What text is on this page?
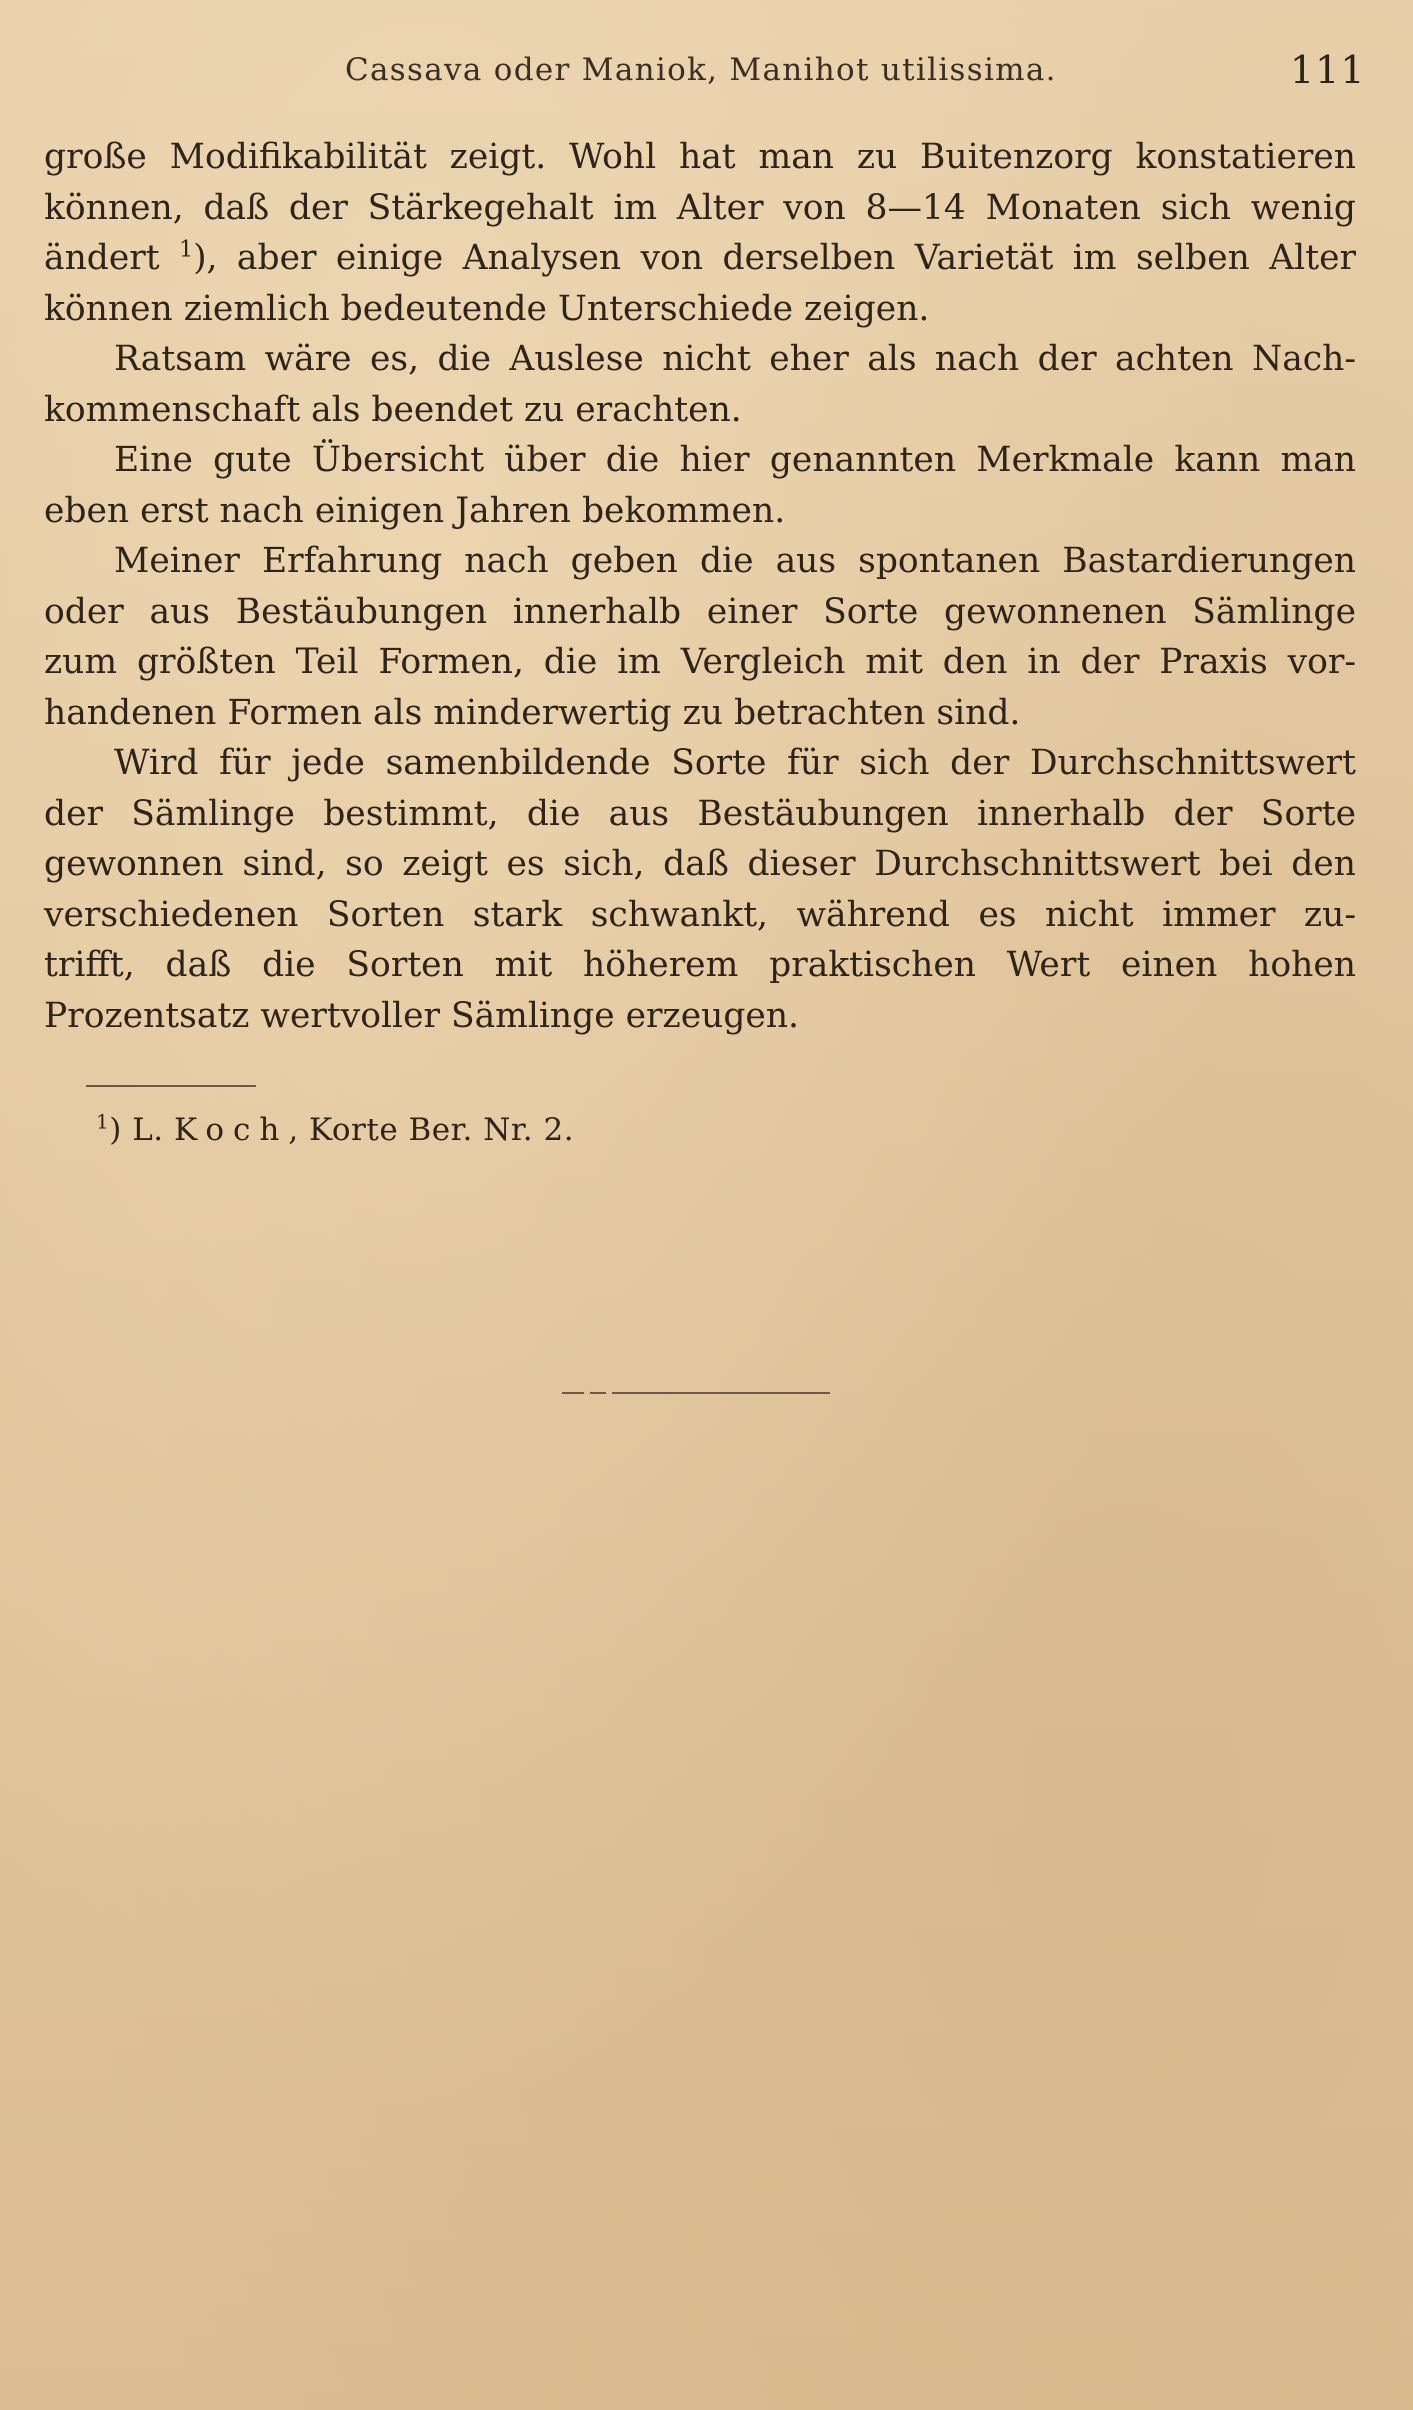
Cassava oder Maniok, Manihot utilissima.	111

große Modifikabilität zeigt. Wohl hat man zu Buitenzorg konstatieren
können, daß der Stärkegehalt im Alter von 8—14 Monaten sich wenig
ändert $^1$), aber einige Analysen von derselben Varietät im selben Alter
können ziemlich bedeutende Unterschiede zeigen.

Ratsam wäre es, die Auslese nicht eher als nach der achten Nach-
kommenschaft als beendet zu erachten.

Eine gute Übersicht über die hier genannten Merkmale kann man
eben erst nach einigen Jahren bekommen.

Meiner Erfahrung nach geben die aus spontanen Bastardierungen
oder aus Bestäubungen innerhalb einer Sorte gewonnenen Sämlinge
zum größten Teil Formen, die im Vergleich mit den in der Praxis vor-
handenen Formen als minderwertig zu betrachten sind.

Wird für jede samenbildende Sorte für sich der Durchschnittswert
der Sämlinge bestimmt, die aus Bestäubungen innerhalb der Sorte
gewonnen sind, so zeigt es sich, daß dieser Durchschnittswert bei den
verschiedenen Sorten stark schwankt, während es nicht immer zu-
trifft, daß die Sorten mit höherem praktischen Wert einen hohen
Prozentsatz wertvoller Sämlinge erzeugen.

$^1$) L. Koch, Korte Ber. Nr. 2.
